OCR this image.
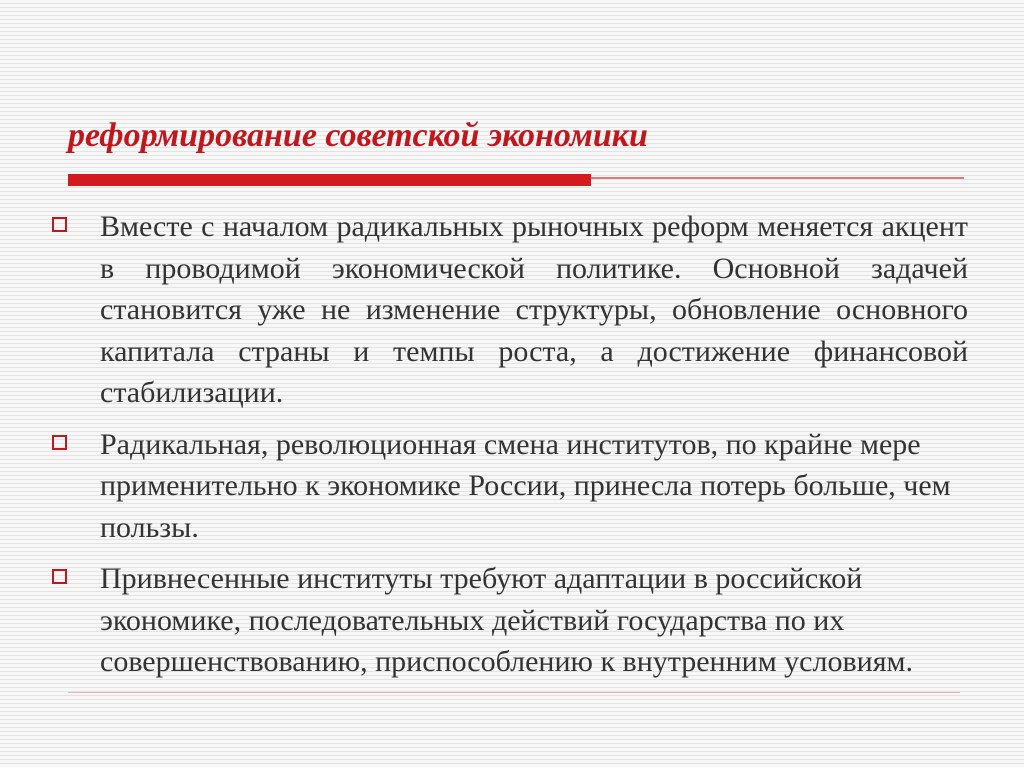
реформирование советской экономики
Вместе с началом радикальных рыночных реформ меняется акцент в проводимой экономической политике. Основной задачей становится уже не изменение структуры, обновление основного капитала страны и темпы роста, а достижение финансовой стабилизации.
Радикальная, революционная смена институтов, по крайне мере применительно к экономике России, принесла потерь больше, чем пользы.
Привнесенные институты требуют адаптации в российской экономике, последовательных действий государства по их совершенствованию, приспособлению к внутренним условиям.
